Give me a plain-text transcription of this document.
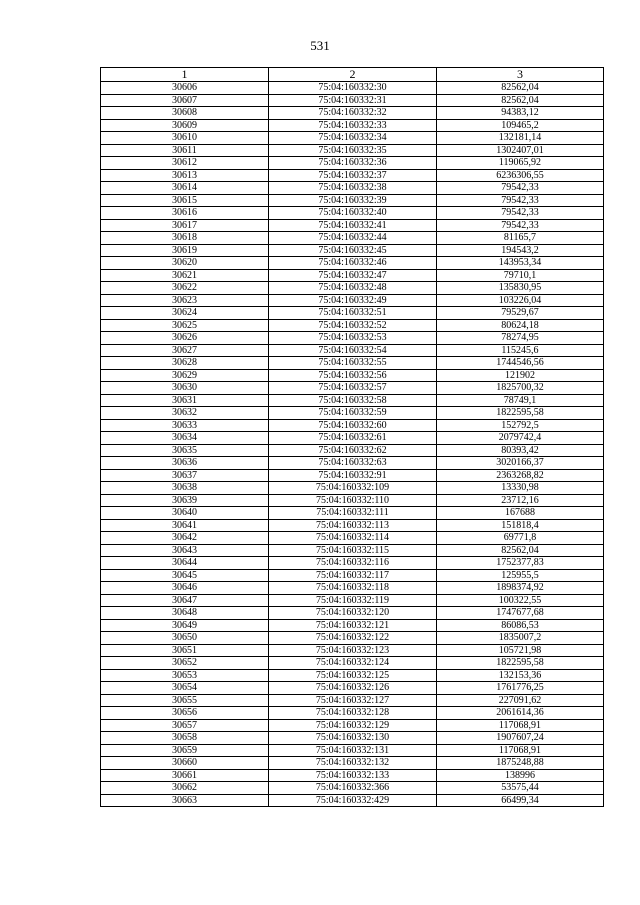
531
1	2	3
30606	75:04:160332:30	82562,04
30607	75:04:160332:31	82562,04
30608	75:04:160332:32	94383,12
30609	75:04:160332:33	109465,2
30610	75:04:160332:34	132181,14
30611	75:04:160332:35	1302407,01
30612	75:04:160332:36	119065,92
30613	75:04:160332:37	6236306,55
30614	75:04:160332:38	79542,33
30615	75:04:160332:39	79542,33
30616	75:04:160332:40	79542,33
30617	75:04:160332:41	79542,33
30618	75:04:160332:44	81165,7
30619	75:04:160332:45	194543,2
30620	75:04:160332:46	143953,34
30621	75:04:160332:47	79710,1
30622	75:04:160332:48	135830,95
30623	75:04:160332:49	103226,04
30624	75:04:160332:51	79529,67
30625	75:04:160332:52	80624,18
30626	75:04:160332:53	78274,95
30627	75:04:160332:54	115245,6
30628	75:04:160332:55	1744546,56
30629	75:04:160332:56	121902
30630	75:04:160332:57	1825700,32
30631	75:04:160332:58	78749,1
30632	75:04:160332:59	1822595,58
30633	75:04:160332:60	152792,5
30634	75:04:160332:61	2079742,4
30635	75:04:160332:62	80393,42
30636	75:04:160332:63	3020166,37
30637	75:04:160332:91	2363268,82
30638	75:04:160332:109	13330,98
30639	75:04:160332:110	23712,16
30640	75:04:160332:111	167688
30641	75:04:160332:113	151818,4
30642	75:04:160332:114	69771,8
30643	75:04:160332:115	82562,04
30644	75:04:160332:116	1752377,83
30645	75:04:160332:117	125955,5
30646	75:04:160332:118	1898374,92
30647	75:04:160332:119	100322,55
30648	75:04:160332:120	1747677,68
30649	75:04:160332:121	86086,53
30650	75:04:160332:122	1835007,2
30651	75:04:160332:123	105721,98
30652	75:04:160332:124	1822595,58
30653	75:04:160332:125	132153,36
30654	75:04:160332:126	1761776,25
30655	75:04:160332:127	227091,62
30656	75:04:160332:128	2061614,36
30657	75:04:160332:129	117068,91
30658	75:04:160332:130	1907607,24
30659	75:04:160332:131	117068,91
30660	75:04:160332:132	1875248,88
30661	75:04:160332:133	138996
30662	75:04:160332:366	53575,44
30663	75:04:160332:429	66499,34
